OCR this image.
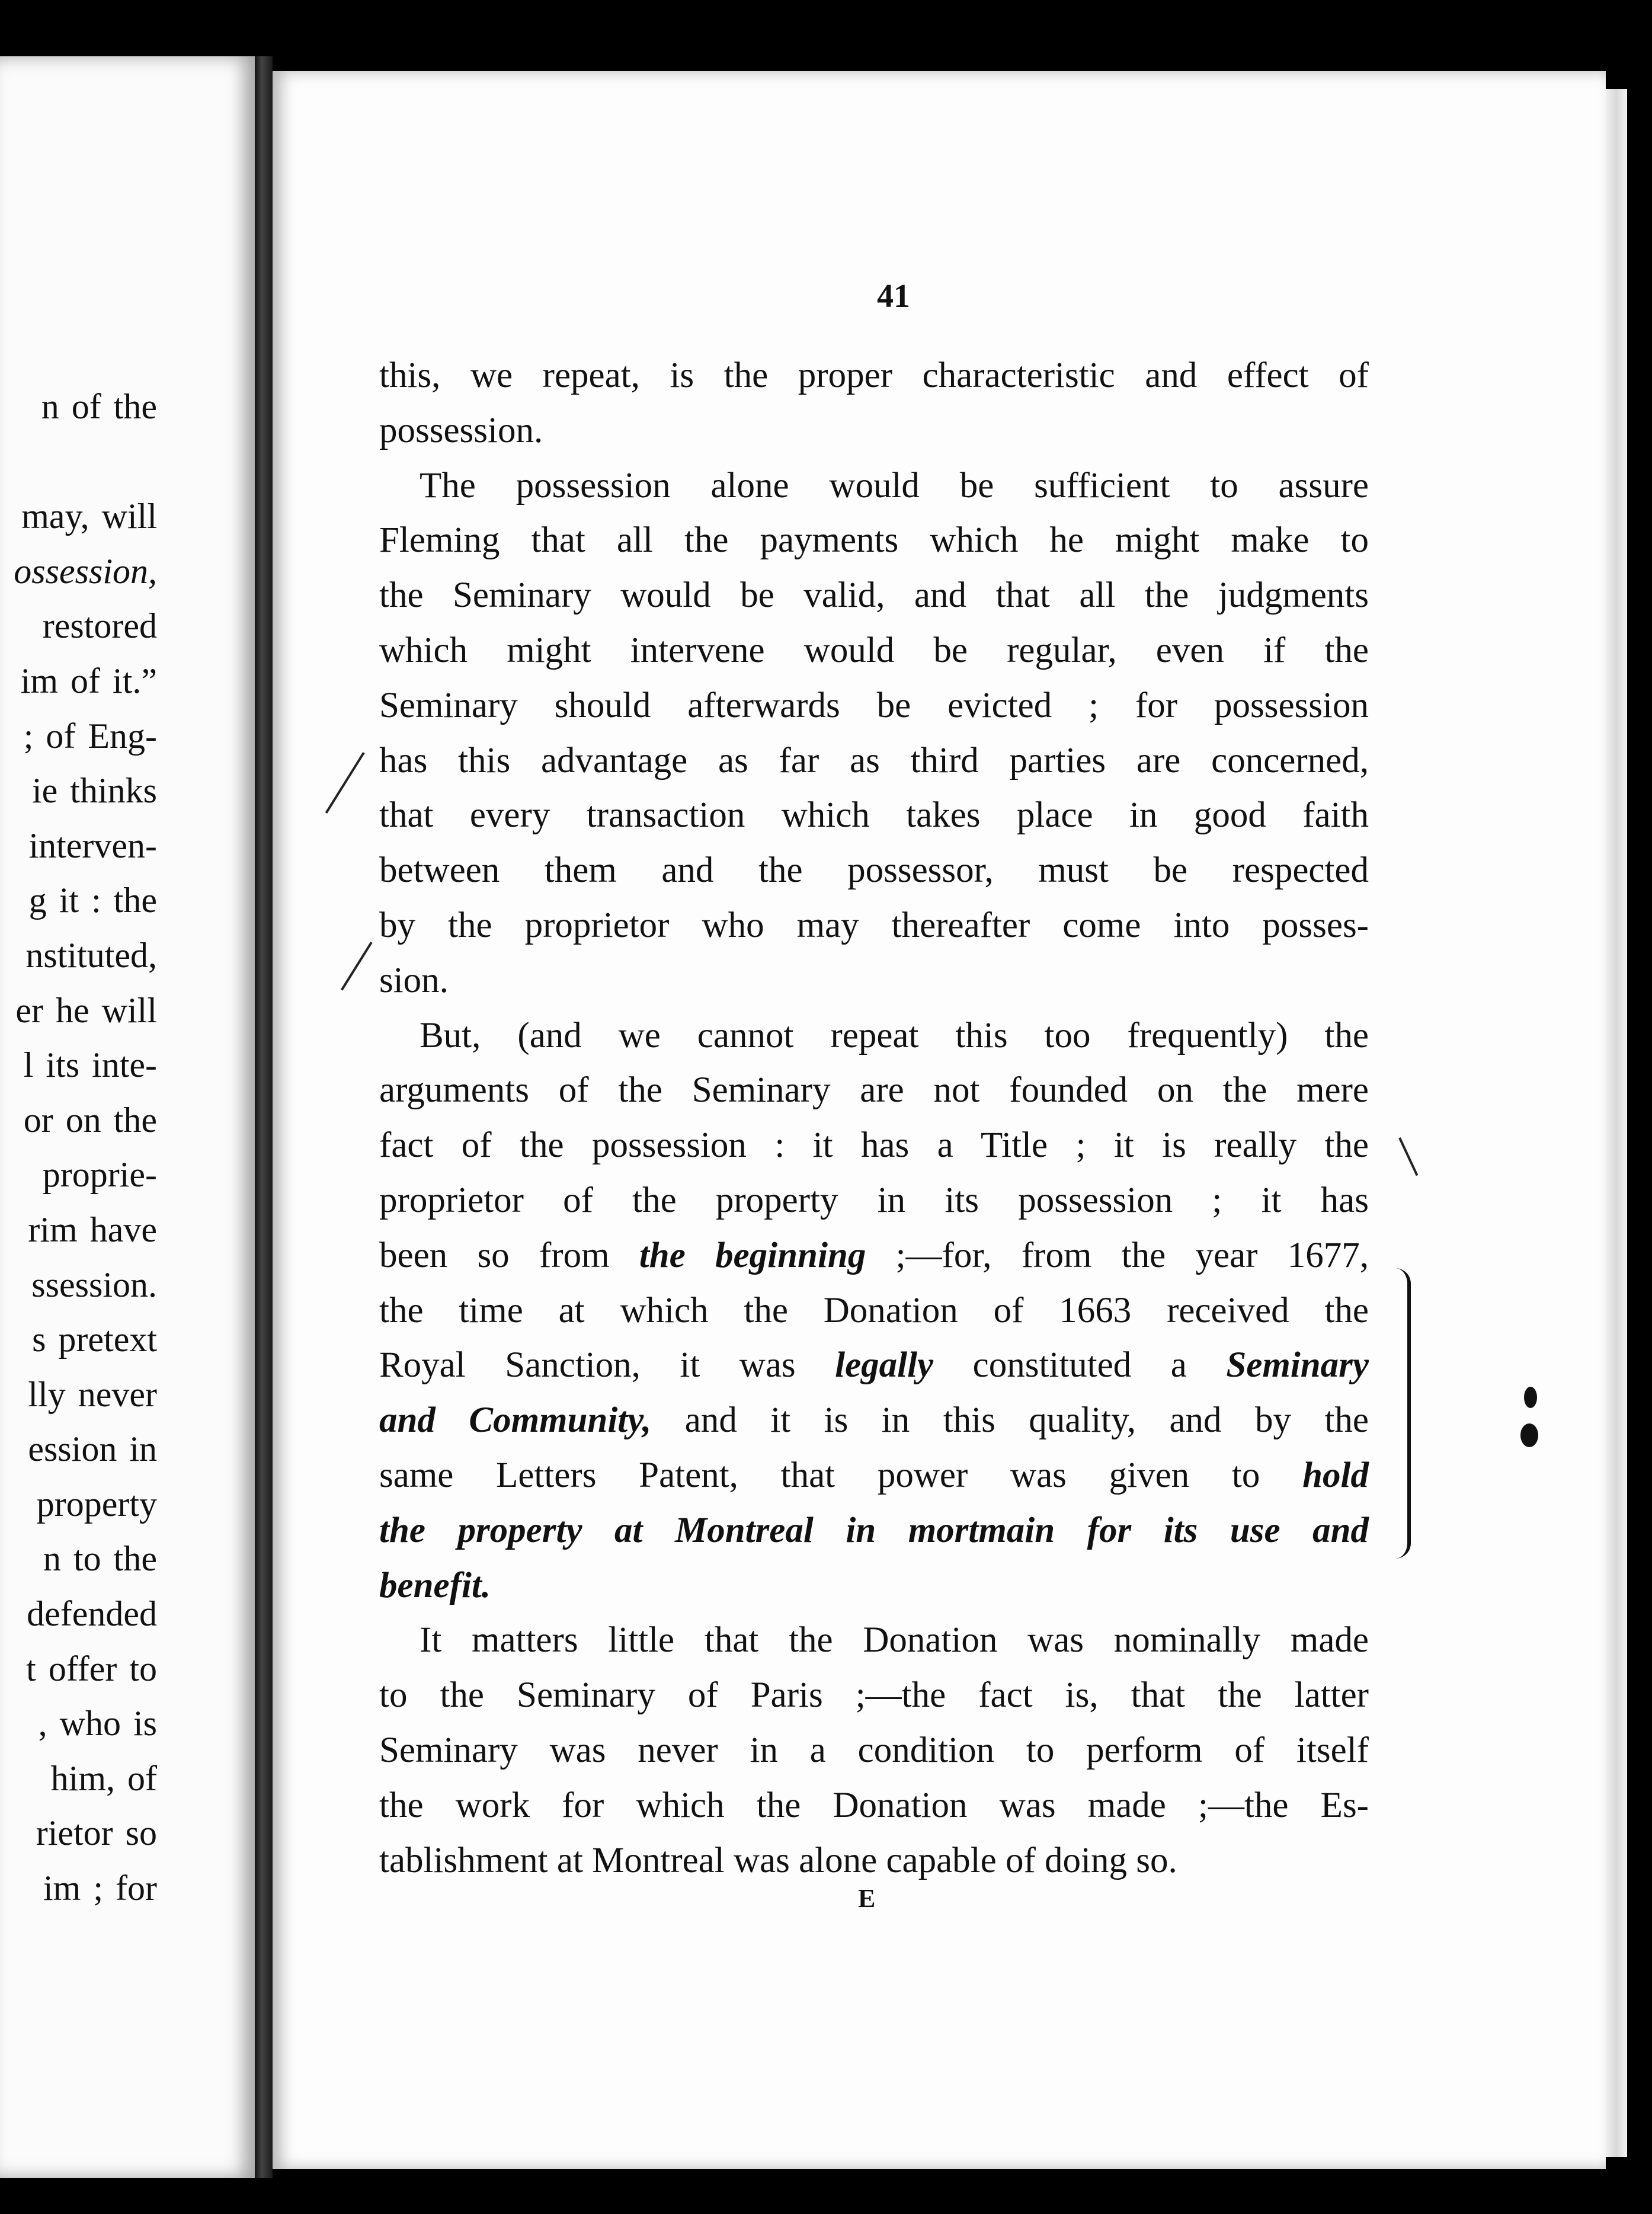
n of the
may, will
ossession,
restored
im of it.”
; of Eng-
ie thinks
interven-
g it : the
nstituted,
er he will
l its inte-
or on the
proprie-
rim have
ssession.
s pretext
lly never
ession in
property
n to the
defended
t offer to
, who is
him, of
rietor so
im ; for
41
this, we repeat, is the proper characteristic and effect of
possession.
The possession alone would be sufficient to assure
Fleming that all the payments which he might make to
the Seminary would be valid, and that all the judgments
which might intervene would be regular, even if the
Seminary should afterwards be evicted ; for possession
has this advantage as far as third parties are concerned,
that every transaction which takes place in good faith
between them and the possessor, must be respected
by the proprietor who may thereafter come into posses-
sion.
But, (and we cannot repeat this too frequently) the
arguments of the Seminary are not founded on the mere
fact of the possession : it has a Title ; it is really the
proprietor of the property in its possession ; it has
been so from the beginning ;—for, from the year 1677,
the time at which the Donation of 1663 received the
Royal Sanction, it was legally constituted a Seminary
and Community, and it is in this quality, and by the
same Letters Patent, that power was given to hold
the property at Montreal in mortmain for its use and
benefit.
It matters little that the Donation was nominally made
to the Seminary of Paris ;—the fact is, that the latter
Seminary was never in a condition to perform of itself
the work for which the Donation was made ;—the Es-
tablishment at Montreal was alone capable of doing so.
E
